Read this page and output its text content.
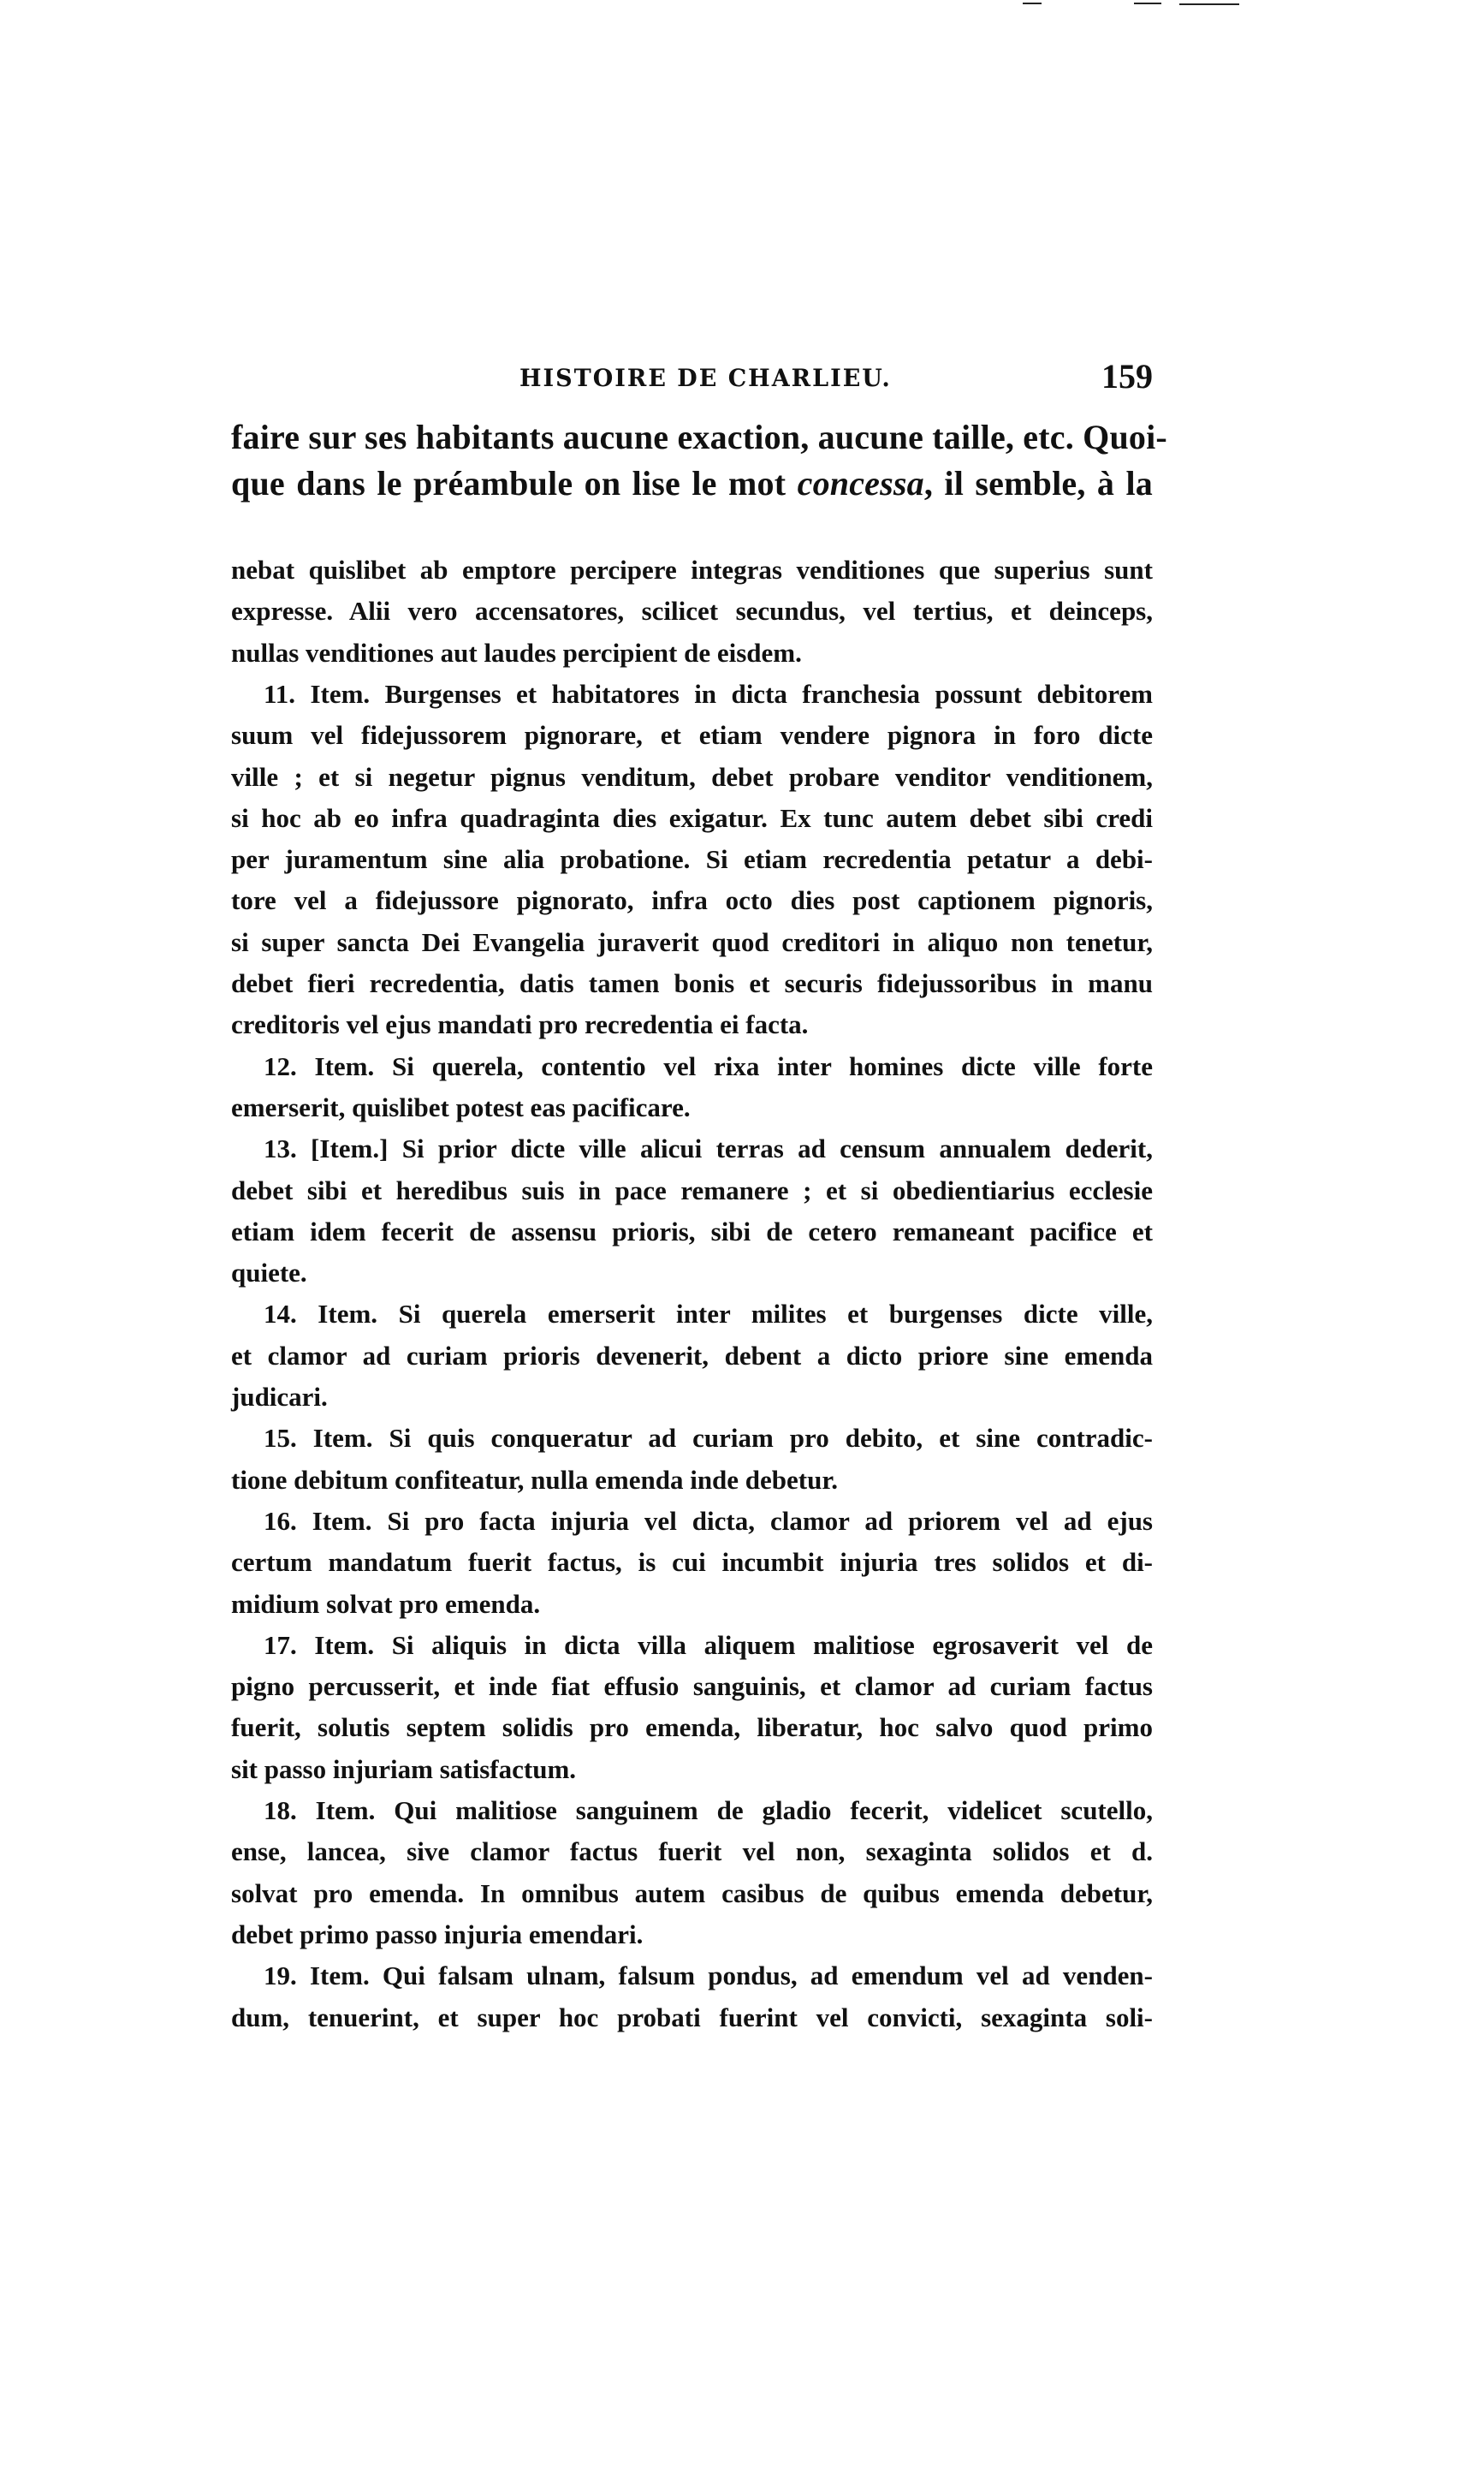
HISTOIRE DE CHARLIEU.	159
faire sur ses habitants aucune exaction, aucune taille, etc. Quoi-
que dans le préambule on lise le mot concessa, il semble, à la
nebat quislibet ab emptore percipere integras venditiones que superius sunt
expresse. Alii vero accensatores, scilicet secundus, vel tertius, et deinceps,
nullas venditiones aut laudes percipient de eisdem.
11. Item. Burgenses et habitatores in dicta franchesia possunt debitorem
suum vel fidejussorem pignorare, et etiam vendere pignora in foro dicte
ville ; et si negetur pignus venditum, debet probare venditor venditionem,
si hoc ab eo infra quadraginta dies exigatur. Ex tunc autem debet sibi credi
per juramentum sine alia probatione. Si etiam recredentia petatur a debi-
tore vel a fidejussore pignorato, infra octo dies post captionem pignoris,
si super sancta Dei Evangelia juraverit quod creditori in aliquo non tenetur,
debet fieri recredentia, datis tamen bonis et securis fidejussoribus in manu
creditoris vel ejus mandati pro recredentia ei facta.
12. Item. Si querela, contentio vel rixa inter homines dicte ville forte
emerserit, quislibet potest eas pacificare.
13. [Item.] Si prior dicte ville alicui terras ad censum annualem dederit,
debet sibi et heredibus suis in pace remanere ; et si obedientiarius ecclesie
etiam idem fecerit de assensu prioris, sibi de cetero remaneant pacifice et
quiete.
14. Item. Si querela emerserit inter milites et burgenses dicte ville,
et clamor ad curiam prioris devenerit, debent a dicto priore sine emenda
judicari.
15. Item. Si quis conqueratur ad curiam pro debito, et sine contradic-
tione debitum confiteatur, nulla emenda inde debetur.
16. Item. Si pro facta injuria vel dicta, clamor ad priorem vel ad ejus
certum mandatum fuerit factus, is cui incumbit injuria tres solidos et di-
midium solvat pro emenda.
17. Item. Si aliquis in dicta villa aliquem malitiose egrosaverit vel de
pigno percusserit, et inde fiat effusio sanguinis, et clamor ad curiam factus
fuerit, solutis septem solidis pro emenda, liberatur, hoc salvo quod primo
sit passo injuriam satisfactum.
18. Item. Qui malitiose sanguinem de gladio fecerit, videlicet scutello,
ense, lancea, sive clamor factus fuerit vel non, sexaginta solidos et d.
solvat pro emenda. In omnibus autem casibus de quibus emenda debetur,
debet primo passo injuria emendari.
19. Item. Qui falsam ulnam, falsum pondus, ad emendum vel ad venden-
dum, tenuerint, et super hoc probati fuerint vel convicti, sexaginta soli-
